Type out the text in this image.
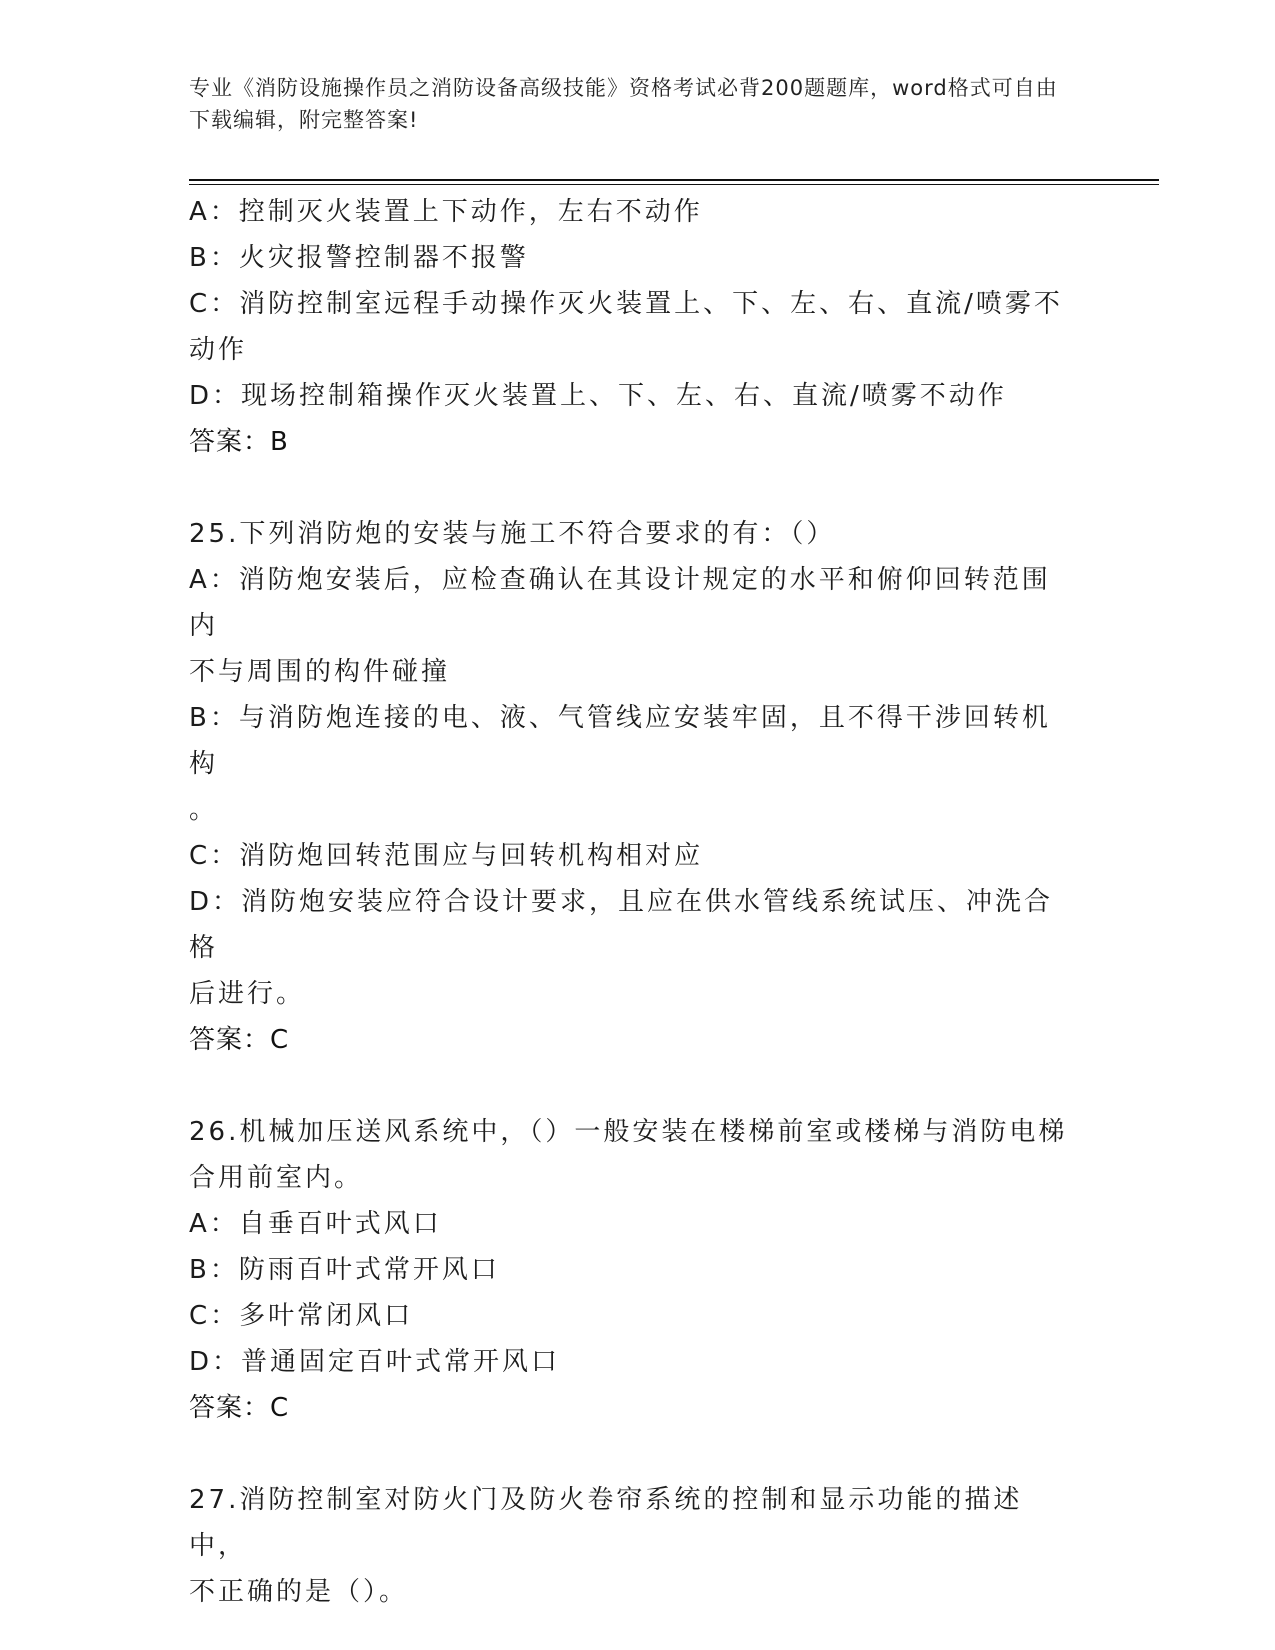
专业《消防设施操作员之消防设备高级技能》资格考试必背200题题库，word格式可自由下载编辑，附完整答案!

A：控制灭火装置上下动作，左右不动作

B：火灾报警控制器不报警

C：消防控制室远程手动操作灭火装置上、下、左、右、直流/喷雾不

动作

D：现场控制箱操作灭火装置上、下、左、右、直流/喷雾不动作

答案：B

25.下列消防炮的安装与施工不符合要求的有：（）

A：消防炮安装后，应检查确认在其设计规定的水平和俯仰回转范围内

不与周围的构件碰撞

B：与消防炮连接的电、液、气管线应安装牢固，且不得干涉回转机构

。

C：消防炮回转范围应与回转机构相对应

D：消防炮安装应符合设计要求，且应在供水管线系统试压、冲洗合格

后进行。

答案：C

26.机械加压送风系统中，（）一般安装在楼梯前室或楼梯与消防电梯

合用前室内。

A：自垂百叶式风口

B：防雨百叶式常开风口

C：多叶常闭风口

D：普通固定百叶式常开风口

答案：C

27.消防控制室对防火门及防火卷帘系统的控制和显示功能的描述中，

不正确的是（）。
